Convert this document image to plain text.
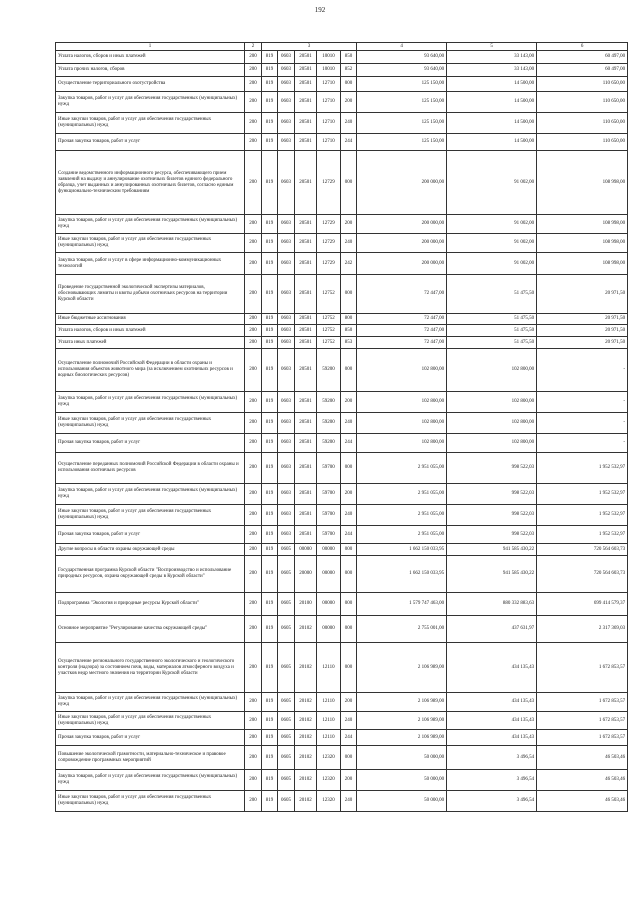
192
1	2	3					4	5	6
Уплата налогов, сборов и иных платежей	200	819	0603	20501	10010	850	93 640,00	33 143,00	60 497,00
Уплата прочих налогов, сборов	200	819	0603	20501	10010	852	93 640,00	33 143,00	60 497,00
Осуществление территориального охотустройства	200	819	0603	20501	12710	000	125 150,00	14 500,00	110 650,00
Закупка товаров, работ и услуг для обеспечения государственных (муниципальных) нужд	200	819	0603	20501	12710	200	125 150,00	14 500,00	110 650,00
Иные закупки товаров, работ и услуг для обеспечения государственных (муниципальных) нужд	200	819	0603	20501	12710	240	125 150,00	14 500,00	110 650,00
Прочая закупка товаров, работ и услуг	200	819	0603	20501	12710	244	125 150,00	14 500,00	110 650,00
Создание ведомственного информационного ресурса, обеспечивающего прием заявлений на выдачу и аннулирование охотничьих билетов единого федерального образца, учет выданных и аннулированных охотничьих билетов, согласно единым функционально-техническим требованиям	200	819	0603	20501	12729	000	200 000,00	91 002,00	108 998,00
Закупка товаров, работ и услуг для обеспечения государственных (муниципальных) нужд	200	819	0603	20501	12729	200	200 000,00	91 002,00	108 998,00
Иные закупки товаров, работ и услуг для обеспечения государственных (муниципальных) нужд	200	819	0603	20501	12729	240	200 000,00	91 002,00	108 998,00
Закупка товаров, работ и услуг в сфере информационно-коммуникационных технологий	200	819	0603	20501	12729	242	200 000,00	91 002,00	108 998,00
Проведение государственной экологической экспертизы материалов, обосновывающих лимиты и квоты добычи охотничьих ресурсов на территории Курской области	200	819	0603	20501	12752	000	72 447,00	51 475,50	20 971,50
Иные бюджетные ассигнования	200	819	0603	20501	12752	800	72 447,00	51 475,50	20 971,50
Уплата налогов, сборов и иных платежей	200	819	0603	20501	12752	850	72 447,00	51 475,50	20 971,50
Уплата иных платежей	200	819	0603	20501	12752	853	72 447,00	51 475,50	20 971,50
Осуществление полномочий Российской Федерации в области охраны и использования объектов животного мира (за исключением охотничьих ресурсов и водных биологических ресурсов)	200	819	0603	20501	59200	000	102 800,00	102 800,00	-
Закупка товаров, работ и услуг для обеспечения государственных (муниципальных) нужд	200	819	0603	20501	59200	200	102 800,00	102 800,00	-
Иные закупки товаров, работ и услуг для обеспечения государственных (муниципальных) нужд	200	819	0603	20501	59200	240	102 800,00	102 800,00	-
Прочая закупка товаров, работ и услуг	200	819	0603	20501	59200	244	102 800,00	102 800,00	-
Осуществление переданных полномочий Российской Федерации в области охраны и использования охотничьих ресурсов	200	819	0603	20501	59700	000	2 951 055,00	998 522,03	1 952 532,97
Закупка товаров, работ и услуг для обеспечения государственных (муниципальных) нужд	200	819	0603	20501	59700	200	2 951 055,00	998 522,03	1 952 532,97
Иные закупки товаров, работ и услуг для обеспечения государственных (муниципальных) нужд	200	819	0603	20501	59700	240	2 951 055,00	998 522,03	1 952 532,97
Прочая закупка товаров, работ и услуг	200	819	0603	20501	59700	244	2 951 055,00	998 522,03	1 952 532,97
Другие вопросы в области охраны окружающей среды	200	819	0605	00000	00000	000	1 662 150 033,95	941 585 430,22	720 564 603,73
Государственная программа Курской области "Воспроизводство и использование природных ресурсов, охрана окружающей среды в Курской области"	200	819	0605	20000	00000	000	1 662 150 033,95	941 585 430,22	720 564 603,73
Подпрограмма "Экология и природные ресурсы Курской области"	200	819	0605	20100	00000	000	1 579 747 463,00	880 332 883,63	699 414 579,37
Основное мероприятие "Регулирование качества окружающей среды"	200	819	0605	20102	00000	000	2 755 001,00	437 631,97	2 317 369,03
Осуществление регионального государственного экологического и геологического контроля (надзора) за состоянием почв, воды, материалов атмосферного воздуха и участков недр местного значения на территории Курской области	200	819	0605	20102	12110	000	2 106 989,00	434 135,43	1 672 853,57
Закупка товаров, работ и услуг для обеспечения государственных (муниципальных) нужд	200	819	0605	20102	12110	200	2 106 989,00	434 135,43	1 672 853,57
Иные закупки товаров, работ и услуг для обеспечения государственных (муниципальных) нужд	200	819	0605	20102	12110	240	2 106 989,00	434 135,43	1 672 853,57
Прочая закупка товаров, работ и услуг	200	819	0605	20102	12110	244	2 106 989,00	434 135,43	1 672 853,57
Повышение экологической грамотности, материально-техническое и правовое сопровождение программных мероприятий	200	819	0605	20102	12320	000	50 000,00	3 496,54	46 503,46
Закупка товаров, работ и услуг для обеспечения государственных (муниципальных) нужд	200	819	0605	20102	12320	200	50 000,00	3 496,54	46 503,46
Иные закупки товаров, работ и услуг для обеспечения государственных (муниципальных) нужд	200	819	0605	20102	12320	240	50 000,00	3 496,54	46 503,46
